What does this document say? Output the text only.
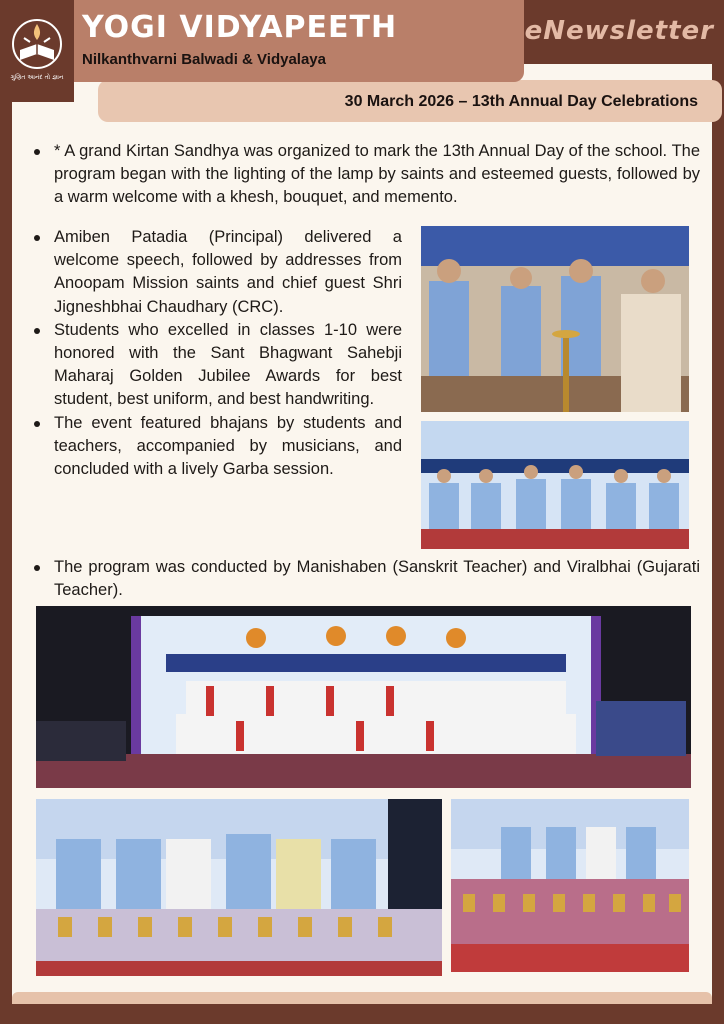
ગુણિત આનંદ તો જ્ઞાન
eNewsletter
YOGI VIDYAPEETH
Nilkanthvarni Balwadi & Vidyalaya
30 March 2026 – 13th Annual Day Celebrations
* A grand Kirtan Sandhya was organized to mark the 13th Annual Day of the school. The program began with the lighting of the lamp by saints and esteemed guests, followed by a warm welcome with a khesh, bouquet, and memento.
Amiben Patadia (Principal) delivered a welcome speech, followed by addresses from Anoopam Mission saints and chief guest Shri Jigneshbhai Chaudhary (CRC).
Students who excelled in classes 1-10 were honored with the Sant Bhagwant Sahebji Maharaj Golden Jubilee Awards for best student, best uniform, and best handwriting.
The event featured bhajans by students and teachers, accompanied by musicians, and concluded with a lively Garba session.
The program was conducted by Manishaben (Sanskrit Teacher) and Viralbhai (Gujarati Teacher).
